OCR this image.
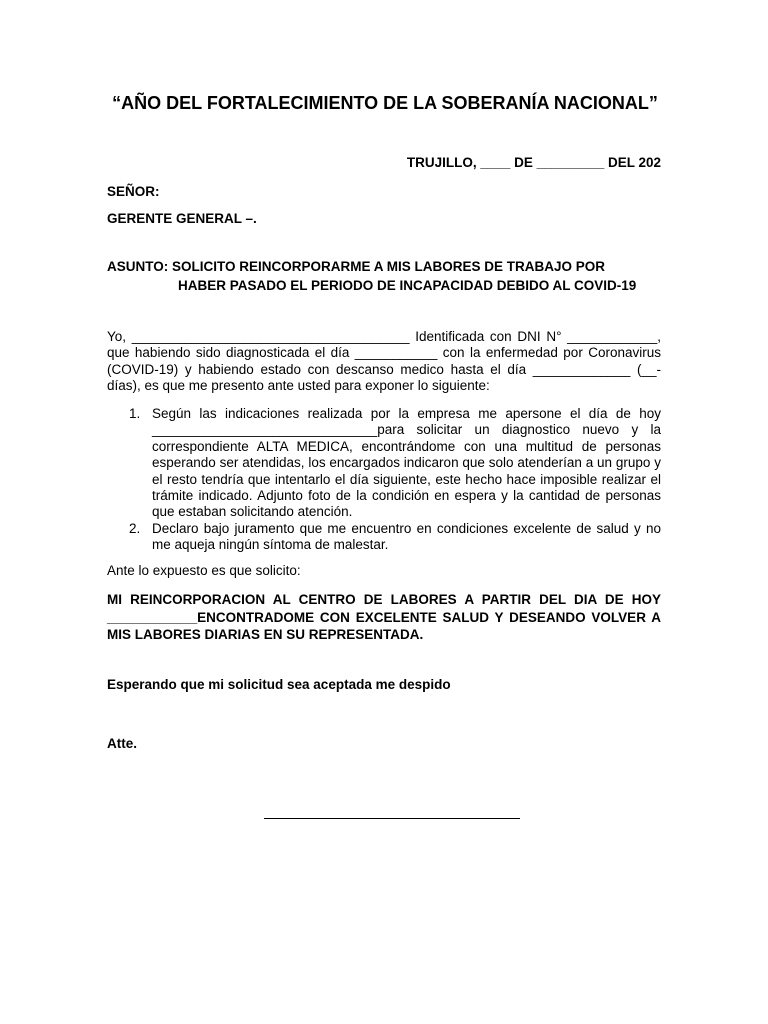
“AÑO DEL FORTALECIMIENTO DE LA SOBERANÍA NACIONAL”
TRUJILLO, ____ DE _________ DEL 202
SEÑOR:
GERENTE GENERAL –.
ASUNTO: SOLICITO REINCORPORARME A MIS LABORES DE TRABAJO POR
HABER PASADO EL PERIODO DE INCAPACIDAD DEBIDO AL COVID-19
Yo, _____________________________________ Identificada con DNI N° ____________, que habiendo sido diagnosticada el día ___________ con la enfermedad por Coronavirus (COVID-19) y habiendo estado con descanso medico hasta el día _____________ (__-días), es que me presento ante usted para exponer lo siguiente:
1. Según las indicaciones realizada por la empresa me apersone el día de hoy ______________________________para solicitar un diagnostico nuevo y la correspondiente ALTA MEDICA, encontrándome con una multitud de personas esperando ser atendidas, los encargados indicaron que solo atenderían a un grupo y el resto tendría que intentarlo el día siguiente, este hecho hace imposible realizar el trámite indicado. Adjunto foto de la condición en espera y la cantidad de personas que estaban solicitando atención.
2. Declaro bajo juramento que me encuentro en condiciones excelente de salud y no me aqueja ningún síntoma de malestar.
Ante lo expuesto es que solicito:
MI REINCORPORACION AL CENTRO DE LABORES A PARTIR DEL DIA DE HOY ____________ENCONTRADOME CON EXCELENTE SALUD Y DESEANDO VOLVER A MIS LABORES DIARIAS EN SU REPRESENTADA.
Esperando que mi solicitud sea aceptada me despido
Atte.
